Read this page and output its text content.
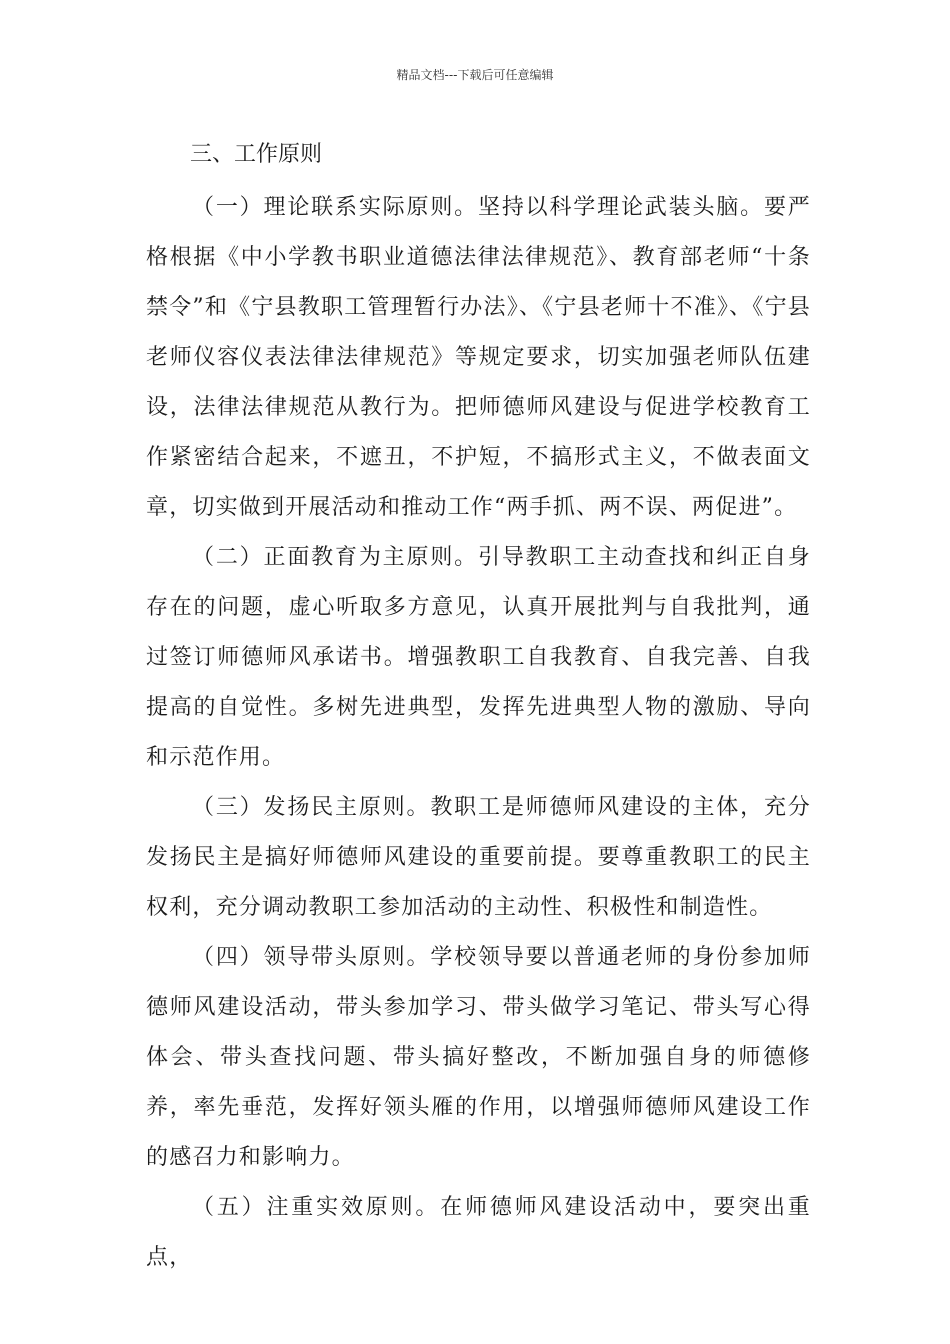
精品文档---下载后可任意编辑
三、工作原则

（一）理论联系实际原则。坚持以科学理论武装头脑。要严格根据《中小学教书职业道德法律法律规范》、教育部老师“十条禁令”和《宁县教职工管理暂行办法》、《宁县老师十不准》、《宁县老师仪容仪表法律法律规范》等规定要求，切实加强老师队伍建设，法律法律规范从教行为。把师德师风建设与促进学校教育工作紧密结合起来，不遮丑，不护短，不搞形式主义，不做表面文章，切实做到开展活动和推动工作“两手抓、两不误、两促进”。

（二）正面教育为主原则。引导教职工主动查找和纠正自身存在的问题，虚心听取多方意见，认真开展批判与自我批判，通过签订师德师风承诺书。增强教职工自我教育、自我完善、自我提高的自觉性。多树先进典型，发挥先进典型人物的激励、导向和示范作用。

（三）发扬民主原则。教职工是师德师风建设的主体，充分发扬民主是搞好师德师风建设的重要前提。要尊重教职工的民主权利，充分调动教职工参加活动的主动性、积极性和制造性。

（四）领导带头原则。学校领导要以普通老师的身份参加师德师风建设活动，带头参加学习、带头做学习笔记、带头写心得体会、带头查找问题、带头搞好整改，不断加强自身的师德修养，率先垂范，发挥好领头雁的作用，以增强师德师风建设工作的感召力和影响力。

（五）注重实效原则。在师德师风建设活动中，要突出重点，
